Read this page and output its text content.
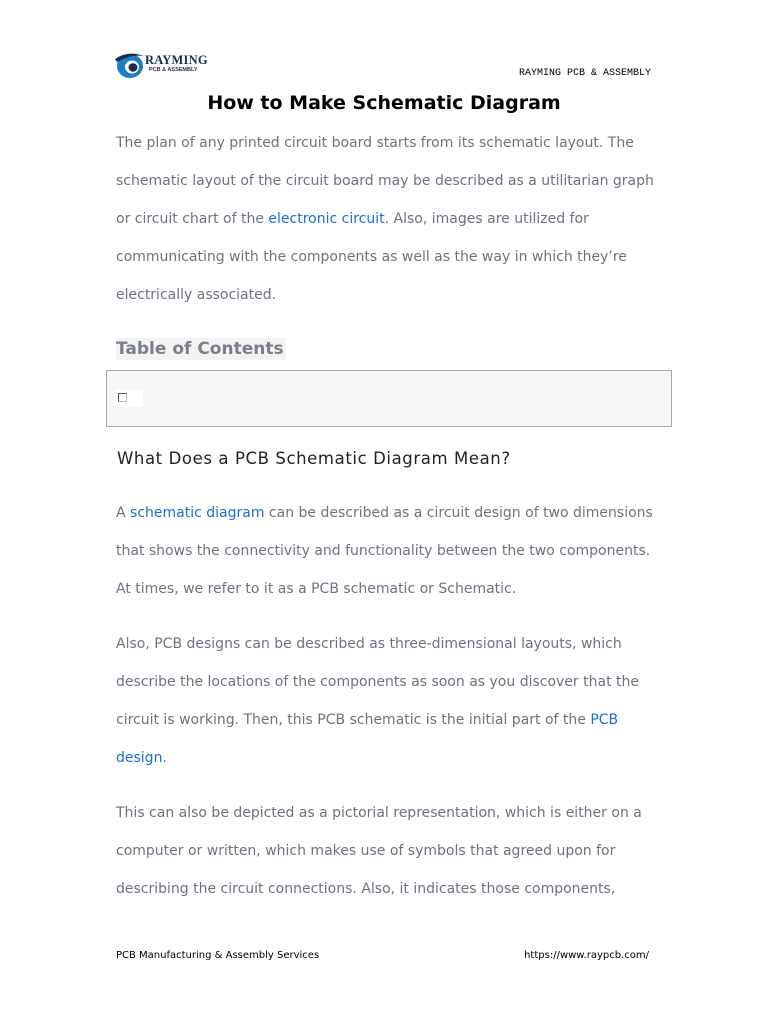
RAYMING
PCB & ASSEMBLY	RAYMING PCB & ASSEMBLY
How to Make Schematic Diagram

The plan of any printed circuit board starts from its schematic layout. The schematic layout of the circuit board may be described as a utilitarian graph or circuit chart of the electronic circuit. Also, images are utilized for communicating with the components as well as the way in which they’re electrically associated.

Table of Contents
What Does a PCB Schematic Diagram Mean?

A schematic diagram can be described as a circuit design of two dimensions that shows the connectivity and functionality between the two components. At times, we refer to it as a PCB schematic or Schematic.

Also, PCB designs can be described as three-dimensional layouts, which describe the locations of the components as soon as you discover that the circuit is working. Then, this PCB schematic is the initial part of the PCB design.

This can also be depicted as a pictorial representation, which is either on a computer or written, which makes use of symbols that agreed upon for describing the circuit connections. Also, it indicates those components,

PCB Manufacturing & Assembly Services	https://www.raypcb.com/
